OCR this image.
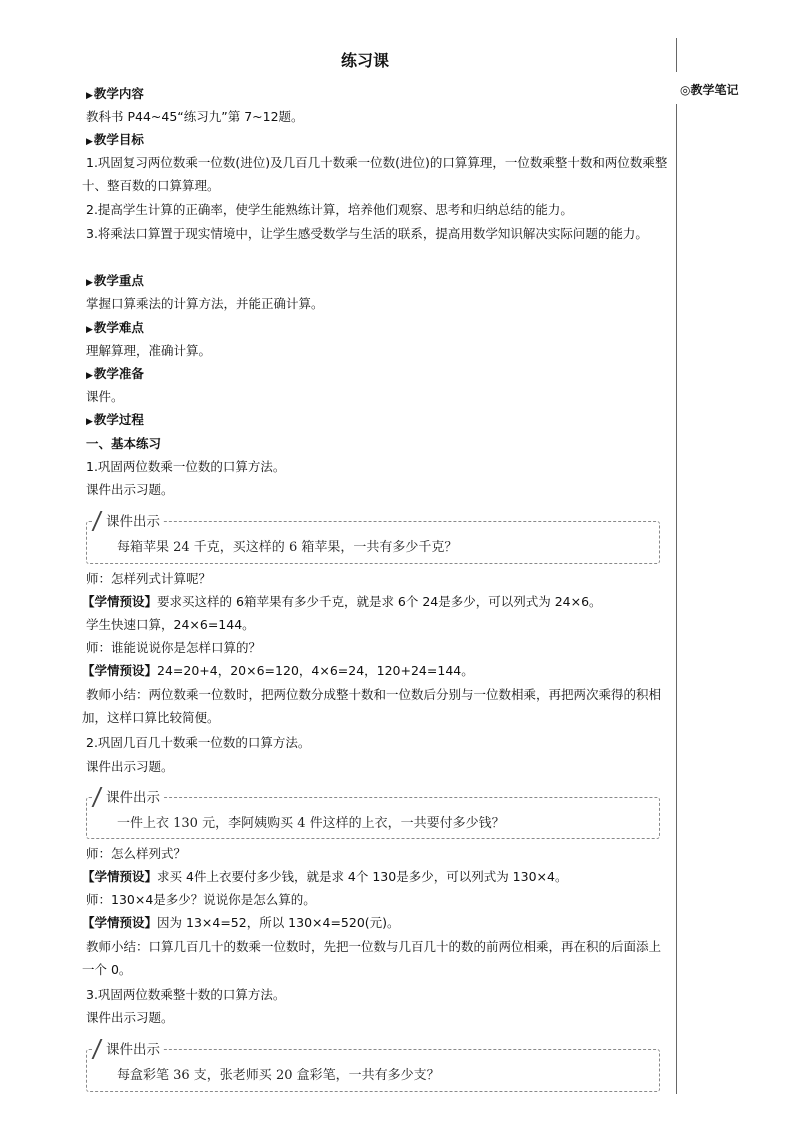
◎教学笔记
练习课
▶教学内容
教科书 P44~45“练习九”第 7~12题。
▶教学目标
1.巩固复习两位数乘一位数(进位)及几百几十数乘一位数(进位)的口算算理，一位数乘整十数和两位数乘整十、整百数的口算算理。
2.提高学生计算的正确率，使学生能熟练计算，培养他们观察、思考和归纳总结的能力。
3.将乘法口算置于现实情境中，让学生感受数学与生活的联系，提高用数学知识解决实际问题的能力。
▶教学重点
掌握口算乘法的计算方法，并能正确计算。
▶教学难点
理解算理，准确计算。
▶教学准备
课件。
▶教学过程
一、基本练习
1.巩固两位数乘一位数的口算方法。
课件出示习题。
每箱苹果 24 千克，买这样的 6 箱苹果，一共有多少千克？
课件出示
师：怎样列式计算呢？
【学情预设】要求买这样的 6箱苹果有多少千克，就是求 6个 24是多少，可以列式为 24×6。
学生快速口算，24×6=144。
师：谁能说说你是怎样口算的？
【学情预设】24=20+4，20×6=120，4×6=24，120+24=144。
教师小结：两位数乘一位数时，把两位数分成整十数和一位数后分别与一位数相乘，再把两次乘得的积相加，这样口算比较简便。
2.巩固几百几十数乘一位数的口算方法。
课件出示习题。
一件上衣 130 元，李阿姨购买 4 件这样的上衣，一共要付多少钱？
课件出示
师：怎么样列式？
【学情预设】求买 4件上衣要付多少钱，就是求 4个 130是多少，可以列式为 130×4。
师：130×4是多少？说说你是怎么算的。
【学情预设】因为 13×4=52，所以 130×4=520(元)。
教师小结：口算几百几十的数乘一位数时，先把一位数与几百几十的数的前两位相乘，再在积的后面添上一个 0。
3.巩固两位数乘整十数的口算方法。
课件出示习题。
每盒彩笔 36 支，张老师买 20 盒彩笔，一共有多少支？
课件出示
